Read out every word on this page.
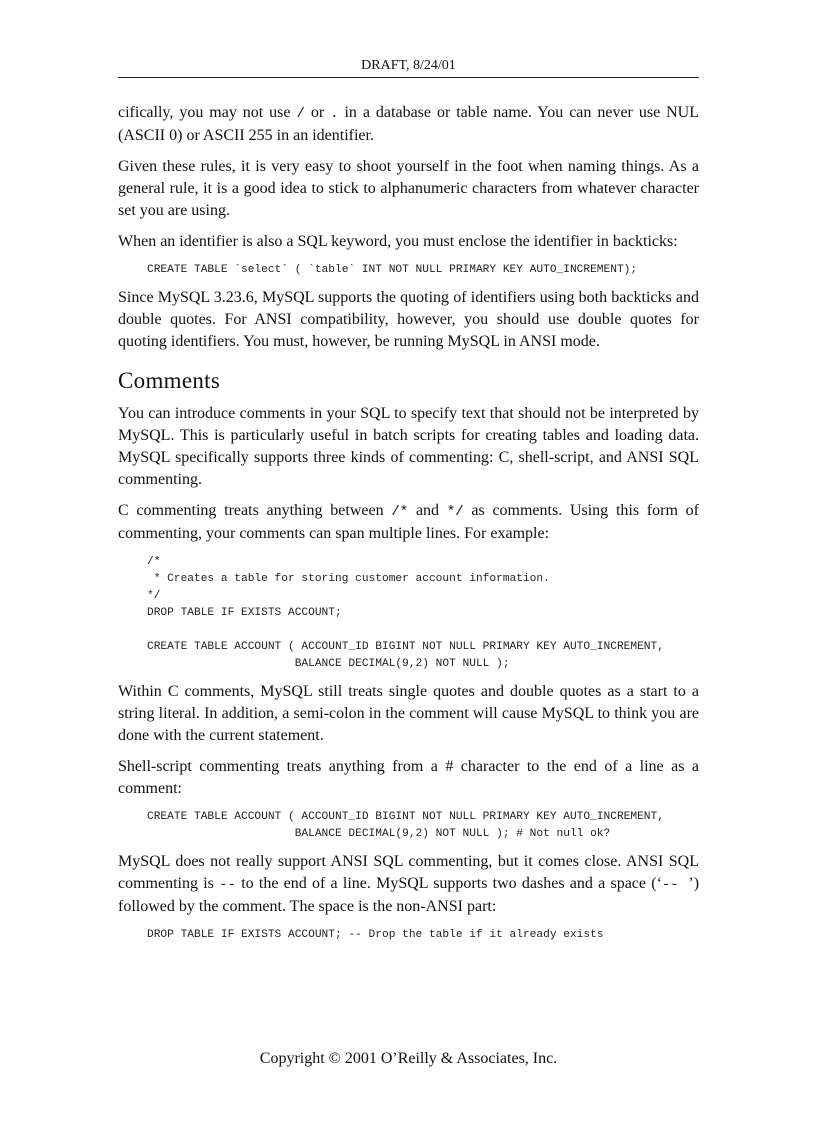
DRAFT, 8/24/01

cifically, you may not use / or . in a database or table name. You can never use NUL (ASCII 0) or ASCII 255 in an identifier.

Given these rules, it is very easy to shoot yourself in the foot when naming things. As a general rule, it is a good idea to stick to alphanumeric characters from whatever character set you are using.

When an identifier is also a SQL keyword, you must enclose the identifier in backticks:

CREATE TABLE `select` ( `table` INT NOT NULL PRIMARY KEY AUTO_INCREMENT);

Since MySQL 3.23.6, MySQL supports the quoting of identifiers using both backticks and double quotes. For ANSI compatibility, however, you should use double quotes for quoting identifiers. You must, however, be running MySQL in ANSI mode.

Comments

You can introduce comments in your SQL to specify text that should not be interpreted by MySQL. This is particularly useful in batch scripts for creating tables and loading data. MySQL specifically supports three kinds of commenting: C, shell-script, and ANSI SQL commenting.

C commenting treats anything between /* and */ as comments. Using this form of commenting, your comments can span multiple lines. For example:

/*
* Creates a table for storing customer account information.
*/
DROP TABLE IF EXISTS ACCOUNT;

CREATE TABLE ACCOUNT ( ACCOUNT_ID BIGINT NOT NULL PRIMARY KEY AUTO_INCREMENT,
BALANCE DECIMAL(9,2) NOT NULL );

Within C comments, MySQL still treats single quotes and double quotes as a start to a string literal. In addition, a semi-colon in the comment will cause MySQL to think you are done with the current statement.

Shell-script commenting treats anything from a # character to the end of a line as a comment:

CREATE TABLE ACCOUNT ( ACCOUNT_ID BIGINT NOT NULL PRIMARY KEY AUTO_INCREMENT,
BALANCE DECIMAL(9,2) NOT NULL ); # Not null ok?

MySQL does not really support ANSI SQL commenting, but it comes close. ANSI SQL commenting is -- to the end of a line. MySQL supports two dashes and a space (‘-- ’) followed by the comment. The space is the non-ANSI part:

DROP TABLE IF EXISTS ACCOUNT; -- Drop the table if it already exists
Copyright © 2001 O’Reilly & Associates, Inc.
